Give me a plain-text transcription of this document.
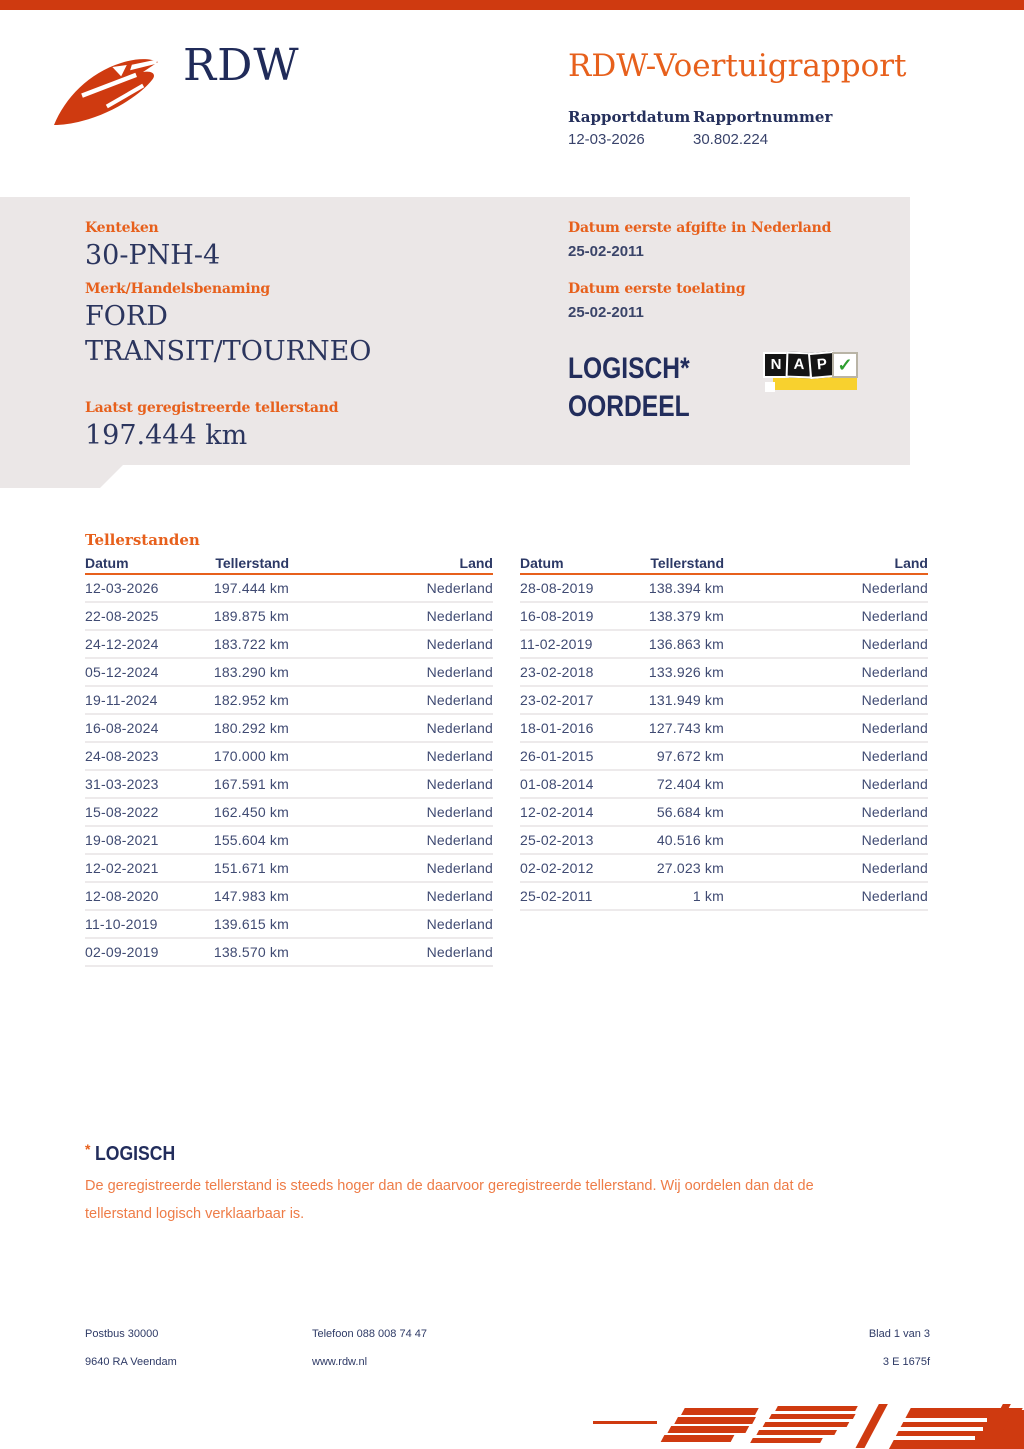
RDW	RDW-Voertuigrapport
Rapportdatum Rapportnummer
12-03-2026	30.802.224
Kenteken
30-PNH-4
Merk/Handelsbenaming
FORD
TRANSIT/TOURNEO
Laatst geregistreerde tellerstand
197.444 km
Datum eerste afgifte in Nederland
25-02-2011
Datum eerste toelating
25-02-2011
LOGISCH*
OORDEEL
N A P ✓
Tellerstanden
Datum	Tellerstand	Land
12-03-2026	197.444 km	Nederland
22-08-2025	189.875 km	Nederland
24-12-2024	183.722 km	Nederland
05-12-2024	183.290 km	Nederland
19-11-2024	182.952 km	Nederland
16-08-2024	180.292 km	Nederland
24-08-2023	170.000 km	Nederland
31-03-2023	167.591 km	Nederland
15-08-2022	162.450 km	Nederland
19-08-2021	155.604 km	Nederland
12-02-2021	151.671 km	Nederland
12-08-2020	147.983 km	Nederland
11-10-2019	139.615 km	Nederland
02-09-2019	138.570 km	Nederland
Datum	Tellerstand	Land
28-08-2019	138.394 km	Nederland
16-08-2019	138.379 km	Nederland
11-02-2019	136.863 km	Nederland
23-02-2018	133.926 km	Nederland
23-02-2017	131.949 km	Nederland
18-01-2016	127.743 km	Nederland
26-01-2015	97.672 km	Nederland
01-08-2014	72.404 km	Nederland
12-02-2014	56.684 km	Nederland
25-02-2013	40.516 km	Nederland
02-02-2012	27.023 km	Nederland
25-02-2011	1 km	Nederland
* LOGISCH
De geregistreerde tellerstand is steeds hoger dan de daarvoor geregistreerde tellerstand. Wij oordelen dan dat de tellerstand logisch verklaarbaar is.
Postbus 30000
9640 RA Veendam
Telefoon 088 008 74 47
www.rdw.nl
Blad 1 van 3
3 E 1675f
